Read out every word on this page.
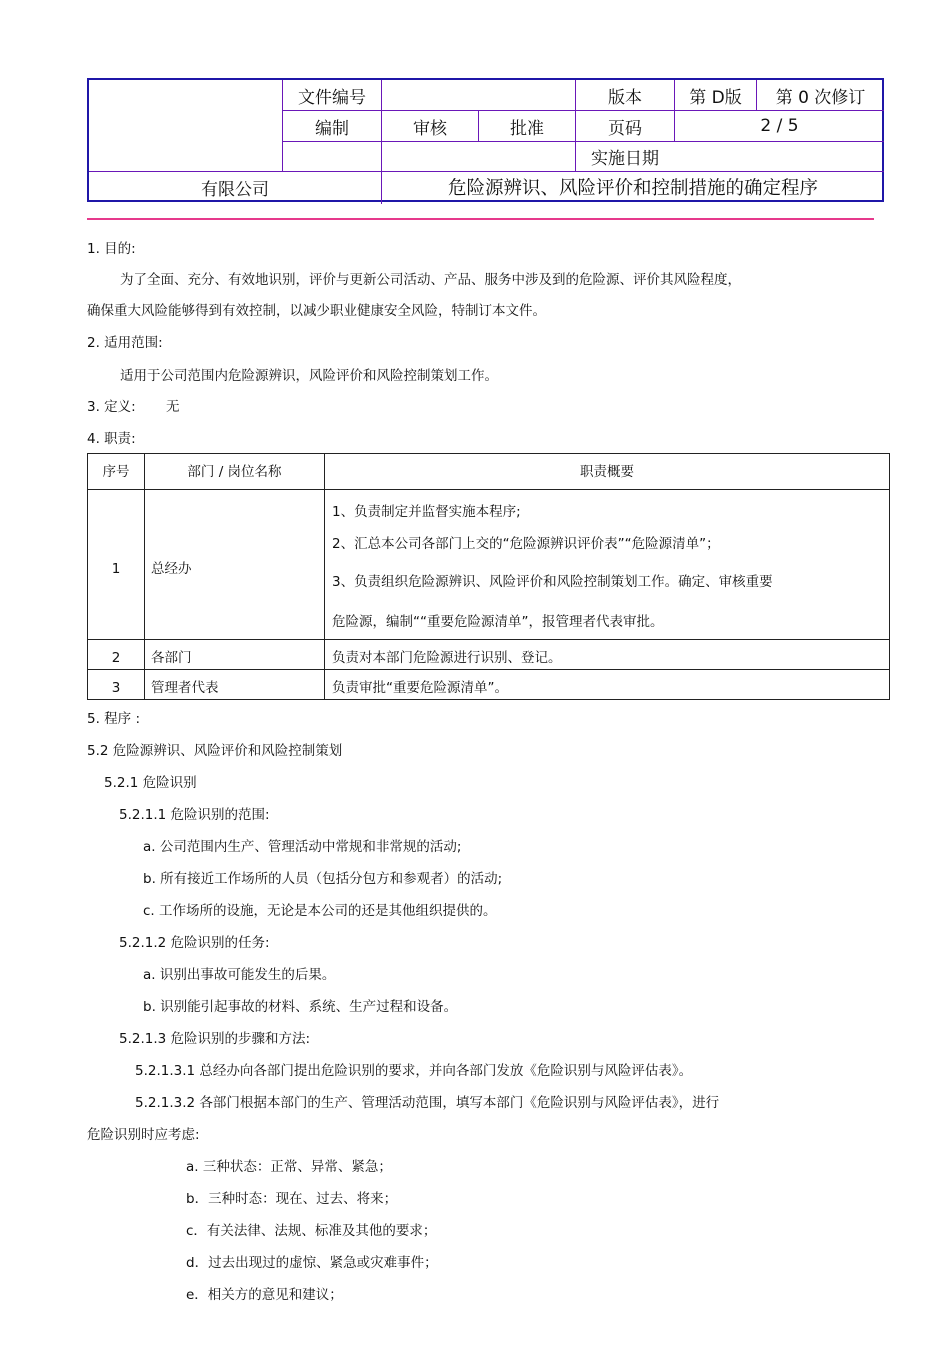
文件编号	版本	第 D版	第 0 次修订
编制	审核	批准	页码	2 / 5
实施日期
有限公司	危险源辨识、风险评价和控制措施的确定程序
1. 目的:
为了全面、充分、有效地识别，评价与更新公司活动、产品、服务中涉及到的危险源、评价其风险程度，
确保重大风险能够得到有效控制，以减少职业健康安全风险，特制订本文件。
2. 适用范围:
适用于公司范围内危险源辨识，风险评价和风险控制策划工作。
3. 定义: 无
4. 职责:
序号	部门 / 岗位名称	职责概要
1	总经办
1、负责制定并监督实施本程序;
2、汇总本公司各部门上交的“危险源辨识评价表”“危险源清单”；
3、负责组织危险源辨识、风险评价和风险控制策划工作。确定、审核重要
危险源，编制““重要危险源清单”，报管理者代表审批。
2	各部门	负责对本部门危险源进行识别、登记。
3	管理者代表	负责审批“重要危险源清单”。
5. 程序 :
5.2 危险源辨识、风险评价和风险控制策划
5.2.1 危险识别
5.2.1.1 危险识别的范围:
a. 公司范围内生产、管理活动中常规和非常规的活动;
b. 所有接近工作场所的人员（包括分包方和参观者）的活动;
c. 工作场所的设施，无论是本公司的还是其他组织提供的。
5.2.1.2 危险识别的任务:
a. 识别出事故可能发生的后果。
b. 识别能引起事故的材料、系统、生产过程和设备。
5.2.1.3 危险识别的步骤和方法:
5.2.1.3.1 总经办向各部门提出危险识别的要求，并向各部门发放《危险识别与风险评估表》。
5.2.1.3.2 各部门根据本部门的生产、管理活动范围，填写本部门《危险识别与风险评估表》，进行
危险识别时应考虑:
a. 三种状态：正常、异常、紧急；
b．三种时态：现在、过去、将来；
c．有关法律、法规、标准及其他的要求；
d．过去出现过的虚惊、紧急或灾难事件；
e．相关方的意见和建议；
